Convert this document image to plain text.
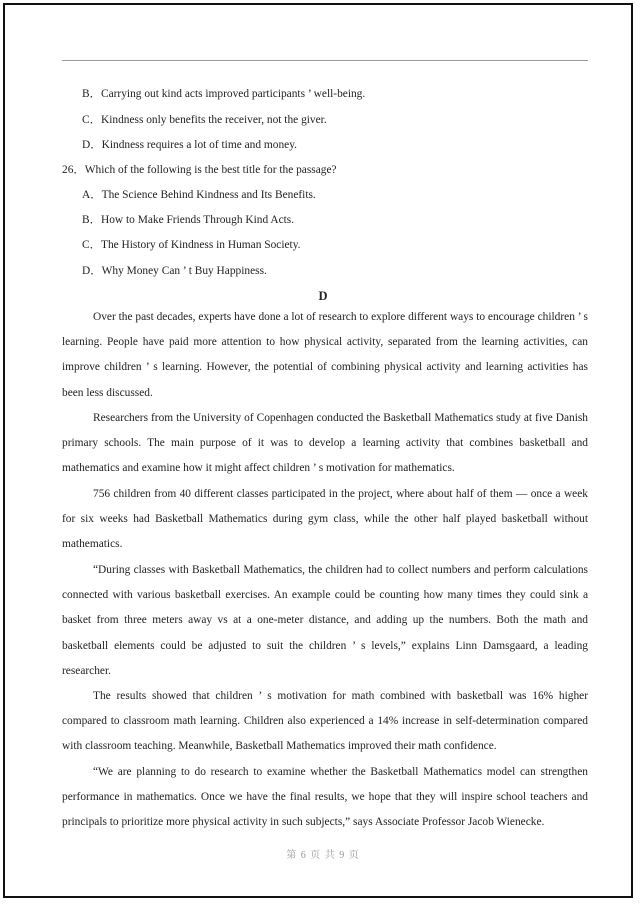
B．Carrying out kind acts improved participants ’ well-being.
C．Kindness only benefits the receiver, not the giver.
D．Kindness requires a lot of time and money.
26．Which of the following is the best title for the passage?
A．The Science Behind Kindness and Its Benefits.
B．How to Make Friends Through Kind Acts.
C．The History of Kindness in Human Society.
D．Why Money Can ’ t Buy Happiness.
D
Over the past decades, experts have done a lot of research to explore different ways to encourage children ’ s learning. People have paid more attention to how physical activity, separated from the learning activities, can improve children ’ s learning. However, the potential of combining physical activity and learning activities has been less discussed.
Researchers from the University of Copenhagen conducted the Basketball Mathematics study at five Danish primary schools. The main purpose of it was to develop a learning activity that combines basketball and mathematics and examine how it might affect children ’ s motivation for mathematics.
756 children from 40 different classes participated in the project, where about half of them — once a week for six weeks had Basketball Mathematics during gym class, while the other half played basketball without mathematics.
“During classes with Basketball Mathematics, the children had to collect numbers and perform calculations connected with various basketball exercises. An example could be counting how many times they could sink a basket from three meters away vs at a one-meter distance, and adding up the numbers. Both the math and basketball elements could be adjusted to suit the children ’ s levels,” explains Linn Damsgaard, a leading researcher.
The results showed that children ’ s motivation for math combined with basketball was 16% higher compared to classroom math learning. Children also experienced a 14% increase in self-determination compared with classroom teaching. Meanwhile, Basketball Mathematics improved their math confidence.
“We are planning to do research to examine whether the Basketball Mathematics model can strengthen performance in mathematics. Once we have the final results, we hope that they will inspire school teachers and principals to prioritize more physical activity in such subjects,” says Associate Professor Jacob Wienecke.
第 6 页 共 9 页
